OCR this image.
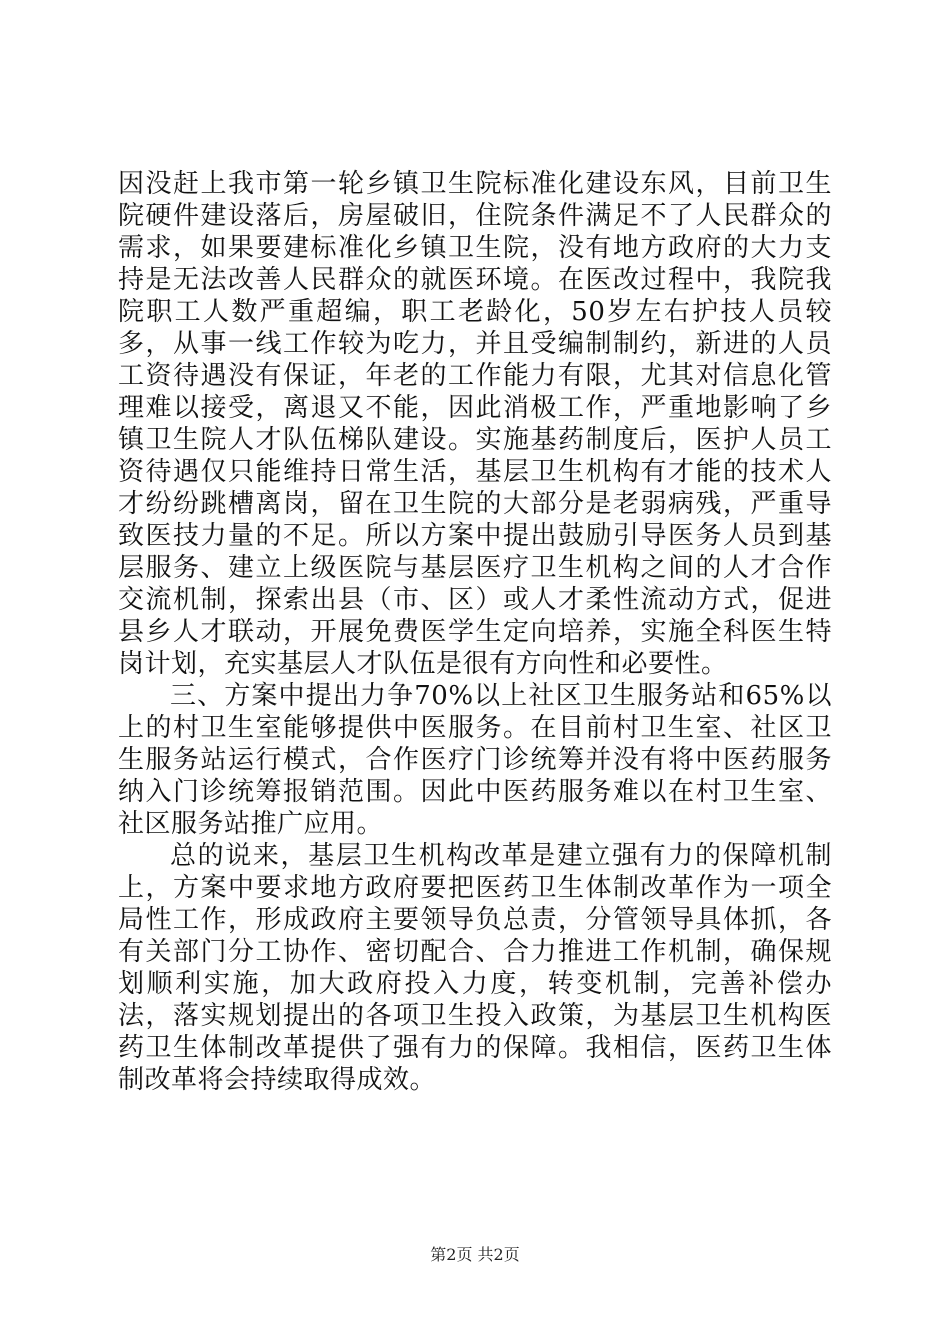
因没赶上我市第一轮乡镇卫生院标准化建设东风，目前卫生院硬件建设落后，房屋破旧，住院条件满足不了人民群众的需求，如果要建标准化乡镇卫生院，没有地方政府的大力支持是无法改善人民群众的就医环境。在医改过程中，我院我院职工人数严重超编，职工老龄化，50岁左右护技人员较多，从事一线工作较为吃力，并且受编制制约，新进的人员工资待遇没有保证，年老的工作能力有限，尤其对信息化管理难以接受，离退又不能，因此消极工作，严重地影响了乡镇卫生院人才队伍梯队建设。实施基药制度后，医护人员工资待遇仅只能维持日常生活，基层卫生机构有才能的技术人才纷纷跳槽离岗，留在卫生院的大部分是老弱病残，严重导致医技力量的不足。所以方案中提出鼓励引导医务人员到基层服务、建立上级医院与基层医疗卫生机构之间的人才合作交流机制，探索出县（市、区）或人才柔性流动方式，促进县乡人才联动，开展免费医学生定向培养，实施全科医生特岗计划，充实基层人才队伍是很有方向性和必要性。

三、方案中提出力争70%以上社区卫生服务站和65%以上的村卫生室能够提供中医服务。在目前村卫生室、社区卫生服务站运行模式，合作医疗门诊统筹并没有将中医药服务纳入门诊统筹报销范围。因此中医药服务难以在村卫生室、社区服务站推广应用。

总的说来，基层卫生机构改革是建立强有力的保障机制上，方案中要求地方政府要把医药卫生体制改革作为一项全局性工作，形成政府主要领导负总责，分管领导具体抓，各有关部门分工协作、密切配合、合力推进工作机制，确保规划顺利实施，加大政府投入力度，转变机制，完善补偿办法，落实规划提出的各项卫生投入政策，为基层卫生机构医药卫生体制改革提供了强有力的保障。我相信，医药卫生体制改革将会持续取得成效。

第2页 共2页
